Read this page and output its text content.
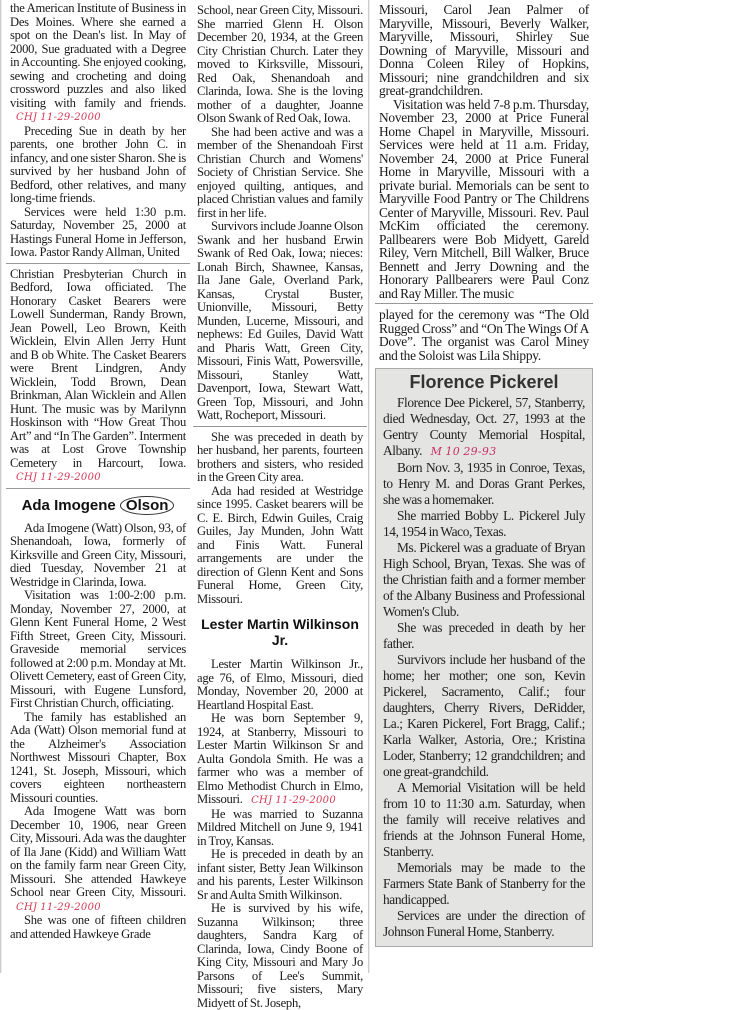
the American Institute of Business in Des Moines. Where she earned a spot on the Dean's list. In May of 2000, Sue graduated with a Degree in Accounting. She enjoyed cooking, sewing and crocheting and doing crossword puzzles and also liked visiting with family and friends. CHJ 11-29-2000

Preceding Sue in death by her parents, one brother John C. in infancy, and one sister Sharon. She is survived by her husband John of Bedford, other relatives, and many long-time friends.

Services were held 1:30 p.m. Saturday, November 25, 2000 at Hastings Funeral Home in Jefferson, Iowa. Pastor Randy Allman, United

Christian Presbyterian Church in Bedford, Iowa officiated. The Honorary Casket Bearers were Lowell Sunderman, Randy Brown, Jean Powell, Leo Brown, Keith Wicklein, Elvin Allen Jerry Hunt and B ob White. The Casket Bearers were Brent Lindgren, Andy Wicklein, Todd Brown, Dean Brinkman, Alan Wicklein and Allen Hunt. The music was by Marilynn Hoskinson with “How Great Thou Art” and “In The Garden”. Interment was at Lost Grove Township Cemetery in Harcourt, Iowa. CHJ 11-29-2000

Ada Imogene Olson

Ada Imogene (Watt) Olson, 93, of Shenandoah, Iowa, formerly of Kirksville and Green City, Missouri, died Tuesday, November 21 at Westridge in Clarinda, Iowa.

Visitation was 1:00-2:00 p.m. Monday, November 27, 2000, at Glenn Kent Funeral Home, 2 West Fifth Street, Green City, Missouri. Graveside memorial services followed at 2:00 p.m. Monday at Mt. Olivett Cemetery, east of Green City, Missouri, with Eugene Lunsford, First Christian Church, officiating.

The family has established an Ada (Watt) Olson memorial fund at the Alzheimer's Association Northwest Missouri Chapter, Box 1241, St. Joseph, Missouri, which covers eighteen northeastern Missouri counties.

Ada Imogene Watt was born December 10, 1906, near Green City, Missouri. Ada was the daughter of Ila Jane (Kidd) and William Watt on the family farm near Green City, Missouri. She attended Hawkeye School near Green City, Missouri. CHJ 11-29-2000

She was one of fifteen children and attended Hawkeye Grade

School, near Green City, Missouri. She married Glenn H. Olson December 20, 1934, at the Green City Christian Church. Later they moved to Kirksville, Missouri, Red Oak, Shenandoah and Clarinda, Iowa. She is the loving mother of a daughter, Joanne Olson Swank of Red Oak, Iowa.

She had been active and was a member of the Shenandoah First Christian Church and Womens' Society of Christian Service. She enjoyed quilting, antiques, and placed Christian values and family first in her life.

Survivors include Joanne Olson Swank and her husband Erwin Swank of Red Oak, Iowa; nieces: Lonah Birch, Shawnee, Kansas, Ila Jane Gale, Overland Park, Kansas, Crystal Buster, Unionville, Missouri, Betty Munden, Lucerne, Missouri, and nephews: Ed Guiles, David Watt and Pharis Watt, Green City, Missouri, Finis Watt, Powersville, Missouri, Stanley Watt, Davenport, Iowa, Stewart Watt, Green Top, Missouri, and John Watt, Rocheport, Missouri.

She was preceded in death by her husband, her parents, fourteen brothers and sisters, who resided in the Green City area.

Ada had resided at Westridge since 1995. Casket bearers will be C. E. Birch, Edwin Guiles, Craig Guiles, Jay Munden, John Watt and Finis Watt. Funeral arrangements are under the direction of Glenn Kent and Sons Funeral Home, Green City, Missouri.

Lester Martin Wilkinson Jr.

Lester Martin Wilkinson Jr., age 76, of Elmo, Missouri, died Monday, November 20, 2000 at Heartland Hospital East.

He was born September 9, 1924, at Stanberry, Missouri to Lester Martin Wilkinson Sr and Aulta Gondola Smith. He was a farmer who was a member of Elmo Methodist Church in Elmo, Missouri. CHJ 11-29-2000

He was married to Suzanna Mildred Mitchell on June 9, 1941 in Troy, Kansas.

He is preceded in death by an infant sister, Betty Jean Wilkinson and his parents, Lester Wilkinson Sr and Aulta Smith Wilkinson.

He is survived by his wife, Suzanna Wilkinson; three daughters, Sandra Karg of Clarinda, Iowa, Cindy Boone of King City, Missouri and Mary Jo Parsons of Lee's Summit, Missouri; five sisters, Mary Midyett of St. Joseph,

Missouri, Carol Jean Palmer of Maryville, Missouri, Beverly Walker, Maryville, Missouri, Shirley Sue Downing of Maryville, Missouri and Donna Coleen Riley of Hopkins, Missouri; nine grandchildren and six great-grandchildren.

Visitation was held 7-8 p.m. Thursday, November 23, 2000 at Price Funeral Home Chapel in Maryville, Missouri. Services were held at 11 a.m. Friday, November 24, 2000 at Price Funeral Home in Maryville, Missouri with a private burial. Memorials can be sent to Maryville Food Pantry or The Childrens Center of Maryville, Missouri. Rev. Paul McKim officiated the ceremony. Pallbearers were Bob Midyett, Gareld Riley, Vern Mitchell, Bill Walker, Bruce Bennett and Jerry Downing and the Honorary Pallbearers were Paul Conz and Ray Miller. The music

played for the ceremony was “The Old Rugged Cross” and “On The Wings Of A Dove”. The organist was Carol Miney and the Soloist was Lila Shippy.

Florence Pickerel

Florence Dee Pickerel, 57, Stanberry, died Wednesday, Oct. 27, 1993 at the Gentry County Memorial Hospital, Albany. M 10 29-93

Born Nov. 3, 1935 in Conroe, Texas, to Henry M. and Doras Grant Perkes, she was a homemaker.

She married Bobby L. Pickerel July 14, 1954 in Waco, Texas.

Ms. Pickerel was a graduate of Bryan High School, Bryan, Texas. She was of the Christian faith and a former member of the Albany Business and Professional Women's Club.

She was preceded in death by her father.

Survivors include her husband of the home; her mother; one son, Kevin Pickerel, Sacramento, Calif.; four daughters, Cherry Rivers, DeRidder, La.; Karen Pickerel, Fort Bragg, Calif.; Karla Walker, Astoria, Ore.; Kristina Loder, Stanberry; 12 grandchildren; and one great-grandchild.

A Memorial Visitation will be held from 10 to 11:30 a.m. Saturday, when the family will receive relatives and friends at the Johnson Funeral Home, Stanberry.

Memorials may be made to the Farmers State Bank of Stanberry for the handicapped.

Services are under the direction of Johnson Funeral Home, Stanberry.
